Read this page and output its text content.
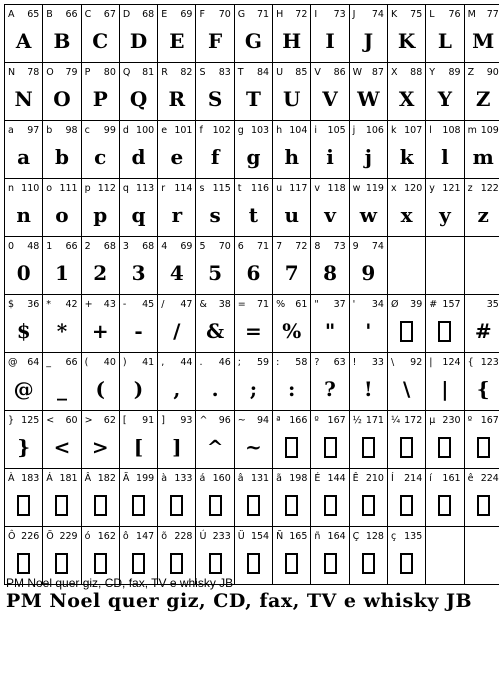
A 65
A
B 66
B
C 67
C
D 68
D
E 69
E
F 70
F
G 71
G
H 72
H
I 73
I
J 74
J
K 75
K
L 76
L
M 77
M
N 78
N
O 79
O
P 80
P
Q 81
Q
R 82
R
S 83
S
T 84
T
U 85
U
V 86
V
W 87
W
X 88
X
Y 89
Y
Z 90
Z
a 97
a
b 98
b
c 99
c
d 100
d
e 101
e
f 102
f
g 103
g
h 104
h
i 105
i
j 106
j
k 107
k
l 108
l
m 109
m
n 110
n
o 111
o
p 112
p
q 113
q
r 114
r
s 115
s
t 116
t
u 117
u
v 118
v
w 119
w
x 120
x
y 121
y
z 122
z
0 48
0
1 66
1
2 68
2
3 68
3
4 69
4
5 70
5
6 71
6
7 72
7
8 73
8
9 74
9
$ 36
$
* 42
*
+ 43
+
- 45
-
/ 47
/
& 38
&
= 71
=
% 61
%
" 37
"
' 34
'
Ø 39 # 157	35
#
@ 64
@
_ 66
_
( 40
(
) 41
)
, 44
,
. 46
.
; 59
;
: 58
:
? 63
?
! 33
!
\ 92
\
| 124
|
{ 123
{
} 125
}
< 60
<
> 62
>
[ 91
[
] 93
]
^ 96
^
~ 94
~
ª 166 º 167 ½ 171 ¼ 172 µ 230 º 167
À 183 Á 181 Â 182 Ã 199 à 133 á 160 â 131 ã 198 É 144 Ê 210 Í 214 í 161 ê 224
Ô 226 Õ 229 ó 162 ô 147 õ 228 Ú 233 Ü 154 Ñ 165 ñ 164 Ç 128 ç 135
PM Noel quer giz, CD, fax, TV e whisky JB
PM Noel quer giz, CD, fax, TV e whisky JB
